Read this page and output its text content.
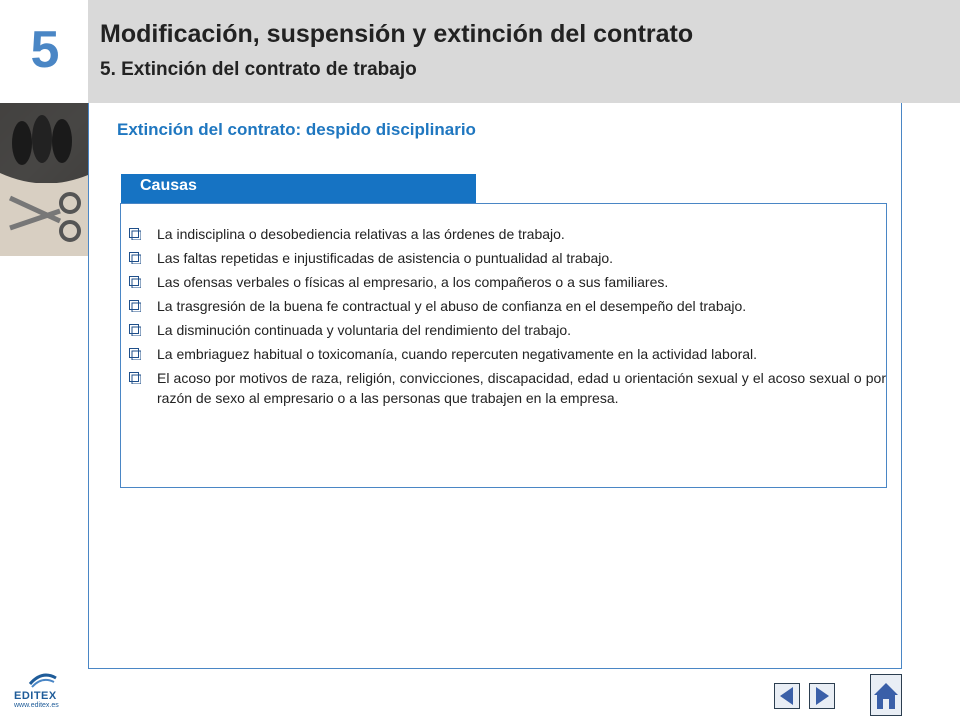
5	Modificación, suspensión y extinción del contrato
5. Extinción del contrato de trabajo
Extinción del contrato: despido disciplinario
Causas
La indisciplina o desobediencia relativas a las órdenes de trabajo.
Las faltas repetidas e injustificadas de asistencia o puntualidad al trabajo.
Las ofensas verbales o físicas al empresario, a los compañeros o a sus familiares.
La trasgresión de la buena fe contractual y el abuso de confianza en el desempeño del trabajo.
La disminución continuada y voluntaria del rendimiento del trabajo.
La embriaguez habitual o toxicomanía, cuando repercuten negativamente en la actividad laboral.
El acoso por motivos de raza, religión, convicciones, discapacidad, edad u orientación sexual y el acoso sexual o por razón de sexo al empresario o a las personas que trabajen en la empresa.
EDITEX
www.editex.es
